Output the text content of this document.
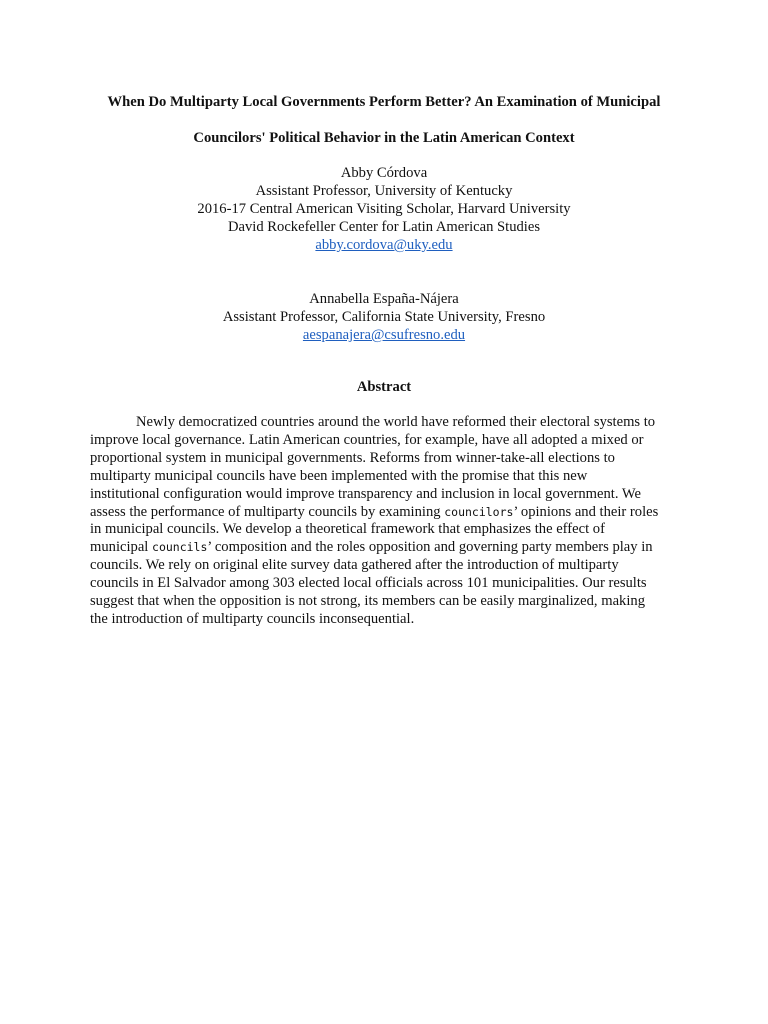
When Do Multiparty Local Governments Perform Better? An Examination of Municipal
Councilors' Political Behavior in the Latin American Context
Abby Córdova
Assistant Professor, University of Kentucky
2016-17 Central American Visiting Scholar, Harvard University
David Rockefeller Center for Latin American Studies
abby.cordova@uky.edu
Annabella España-Nájera
Assistant Professor, California State University, Fresno
aespanajera@csufresno.edu
Abstract
Newly democratized countries around the world have reformed their electoral systems to
improve local governance. Latin American countries, for example, have all adopted a mixed or
proportional system in municipal governments. Reforms from winner-take-all elections to
multiparty municipal councils have been implemented with the promise that this new
institutional configuration would improve transparency and inclusion in local government. We
assess the performance of multiparty councils by examining councilors’ opinions and their roles
in municipal councils. We develop a theoretical framework that emphasizes the effect of
municipal councils’ composition and the roles opposition and governing party members play in
councils. We rely on original elite survey data gathered after the introduction of multiparty
councils in El Salvador among 303 elected local officials across 101 municipalities. Our results
suggest that when the opposition is not strong, its members can be easily marginalized, making
the introduction of multiparty councils inconsequential.
